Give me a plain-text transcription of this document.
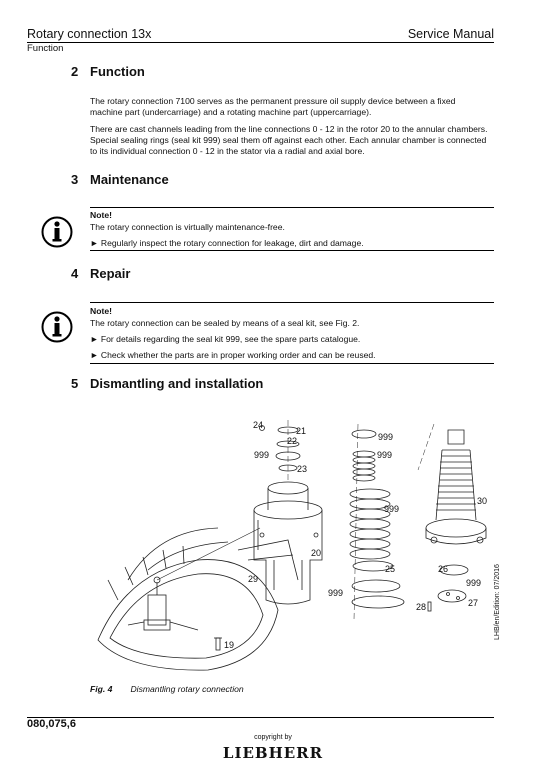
Rotary connection 13x	Service Manual
Function
2 Function
The rotary connection 7100 serves as the permanent pressure oil supply device between a fixed machine part (undercarriage) and a rotating machine part (uppercarriage).
There are cast channels leading from the line connections 0 - 12 in the rotor 20 to the annular chambers. Special sealing rings (seal kit 999) seal them off against each other. Each annular chamber is connected to its individual connection 0 - 12 in the stator via a radial and axial bore.
3 Maintenance
Note!
The rotary connection is virtually maintenance-free.
► Regularly inspect the rotary connection for leakage, dirt and damage.
4 Repair
Note!
The rotary connection can be sealed by means of a seal kit, see Fig. 2.
► For details regarding the seal kit 999, see the spare parts catalogue.
► Check whether the parts are in proper working order and can be reused.
5 Dismantling and installation
24
21
22
999
23
999
999
999
30
20
29
25
999
26
999
28	27
19
Fig. 4 Dismantling rotary connection
LHB/en/Edition: 07/2016
080,075,6
copyright by
LIEBHERR
